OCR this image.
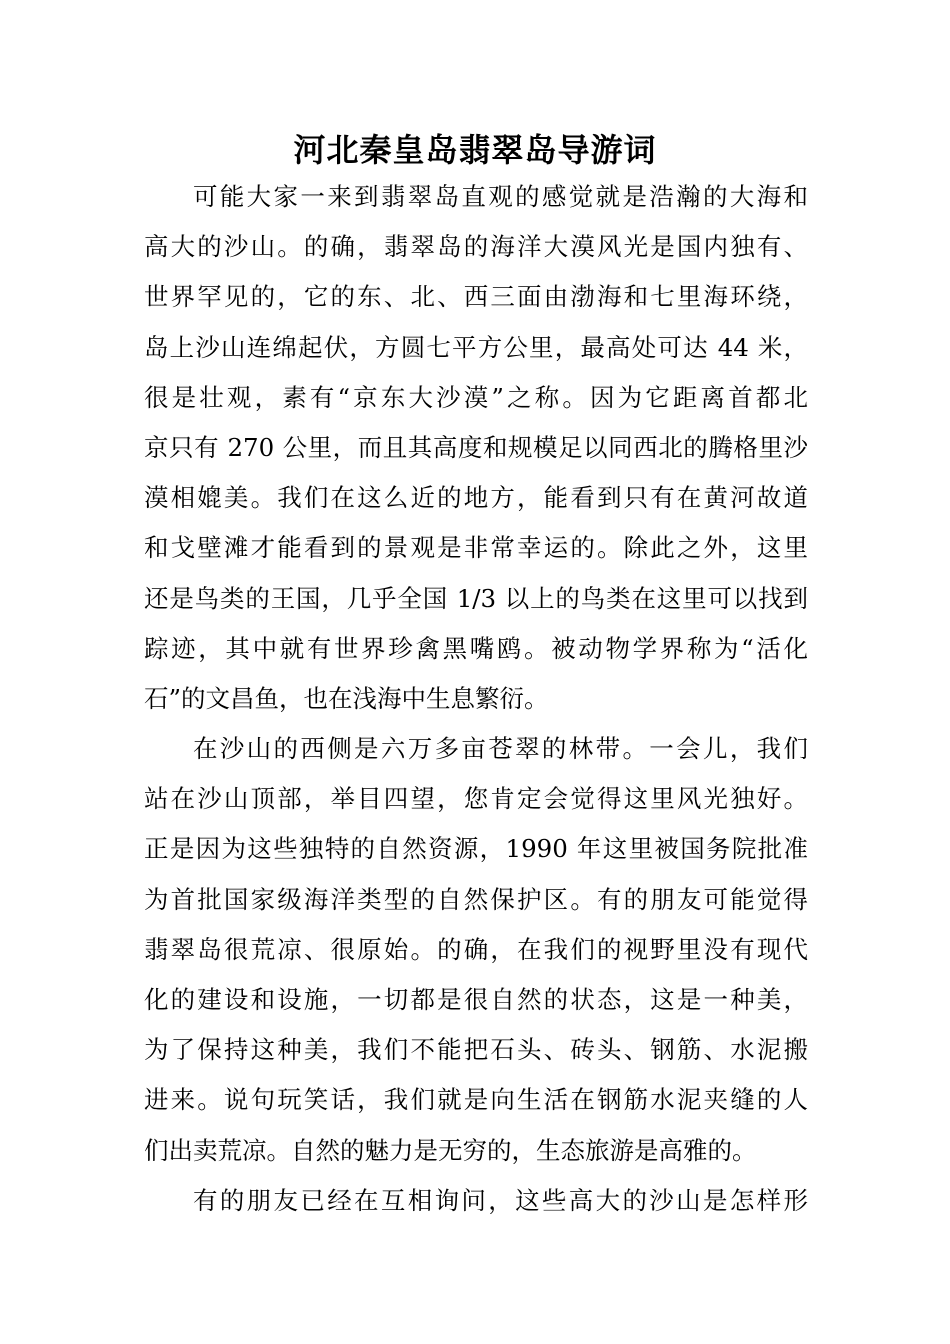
河北秦皇岛翡翠岛导游词
可能大家一来到翡翠岛直观的感觉就是浩瀚的大海和
高大的沙山。的确，翡翠岛的海洋大漠风光是国内独有、
世界罕见的，它的东、北、西三面由渤海和七里海环绕，
岛上沙山连绵起伏，方圆七平方公里，最高处可达 44 米，
很是壮观，素有“京东大沙漠”之称。因为它距离首都北
京只有 270 公里，而且其高度和规模足以同西北的腾格里沙
漠相媲美。我们在这么近的地方，能看到只有在黄河故道
和戈壁滩才能看到的景观是非常幸运的。除此之外，这里
还是鸟类的王国，几乎全国 1/3 以上的鸟类在这里可以找到
踪迹，其中就有世界珍禽黑嘴鸥。被动物学界称为“活化
石”的文昌鱼，也在浅海中生息繁衍。
在沙山的西侧是六万多亩苍翠的林带。一会儿，我们
站在沙山顶部，举目四望，您肯定会觉得这里风光独好。
正是因为这些独特的自然资源，1990 年这里被国务院批准
为首批国家级海洋类型的自然保护区。有的朋友可能觉得
翡翠岛很荒凉、很原始。的确，在我们的视野里没有现代
化的建设和设施，一切都是很自然的状态，这是一种美，
为了保持这种美，我们不能把石头、砖头、钢筋、水泥搬
进来。说句玩笑话，我们就是向生活在钢筋水泥夹缝的人
们出卖荒凉。自然的魅力是无穷的，生态旅游是高雅的。
有的朋友已经在互相询问，这些高大的沙山是怎样形
